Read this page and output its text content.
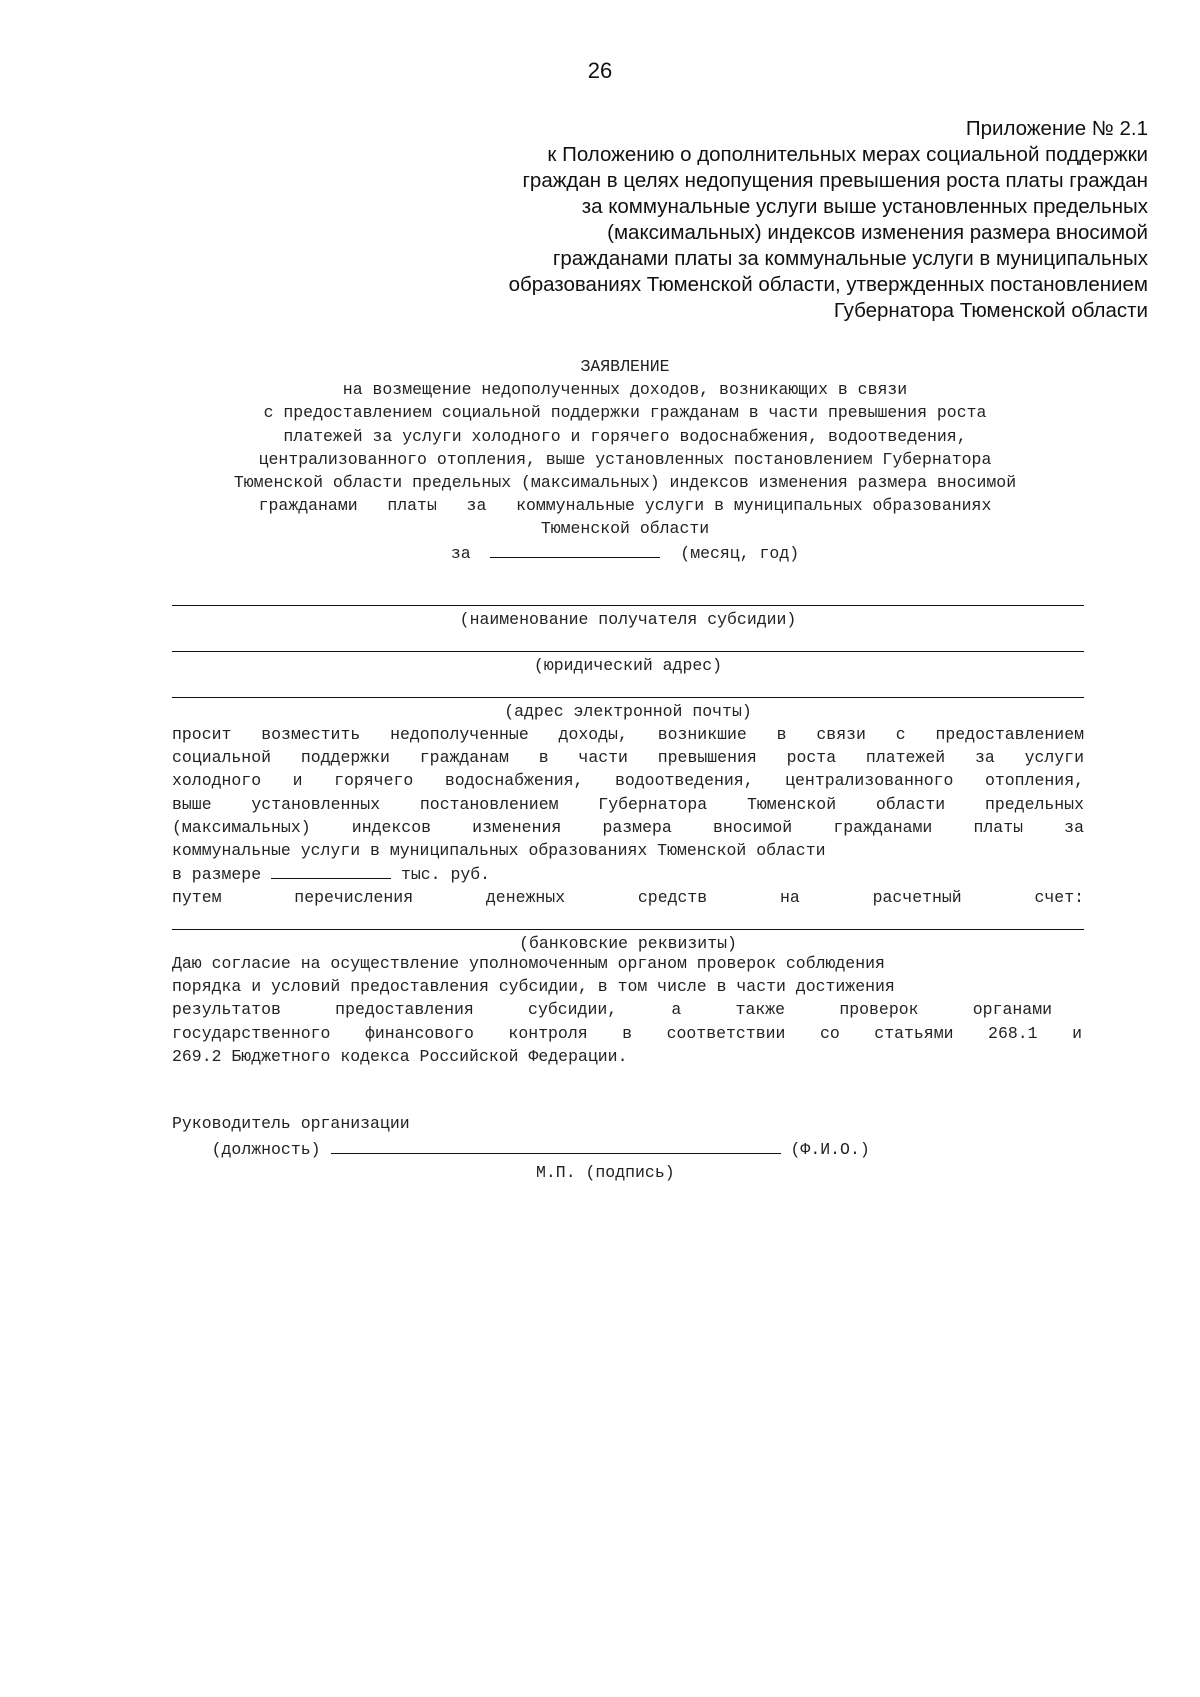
26
Приложение № 2.1
к Положению о дополнительных мерах социальной поддержки
граждан в целях недопущения превышения роста платы граждан
за коммунальные услуги выше установленных предельных
(максимальных) индексов изменения размера вносимой
гражданами платы за коммунальные услуги в муниципальных
образованиях Тюменской области, утвержденных постановлением
Губернатора Тюменской области
ЗАЯВЛЕНИЕ
на возмещение недополученных доходов, возникающих в связи
с предоставлением социальной поддержки гражданам в части превышения роста
платежей за услуги холодного и горячего водоснабжения, водоотведения,
централизованного отопления, выше установленных постановлением Губернатора
Тюменской области предельных (максимальных) индексов изменения размера вносимой
гражданами   платы   за   коммунальные услуги в муниципальных образованиях
Тюменской области
за	(месяц, год)
(наименование получателя субсидии)
(юридический адрес)
(адрес электронной почты)
просит возместить недополученные доходы, возникшие в связи с предоставлением
социальной поддержки гражданам в части превышения роста платежей за услуги
холодного и горячего водоснабжения, водоотведения, централизованного отопления,
выше установленных постановлением Губернатора Тюменской области предельных
(максимальных) индексов изменения размера вносимой гражданами платы за
коммунальные услуги в муниципальных образованиях Тюменской области
в размере	тыс. руб.
путем перечисления денежных средств на расчетный счет:
(банковские реквизиты)
Даю согласие на осуществление уполномоченным органом проверок соблюдения
порядка и условий предоставления субсидии, в том числе в части достижения
результатов предоставления субсидии, а также проверок органами
государственного финансового контроля в соответствии со статьями 268.1 и
269.2 Бюджетного кодекса Российской Федерации.
Руководитель организации
(должность)	(Ф.И.О.)
М.П. (подпись)
